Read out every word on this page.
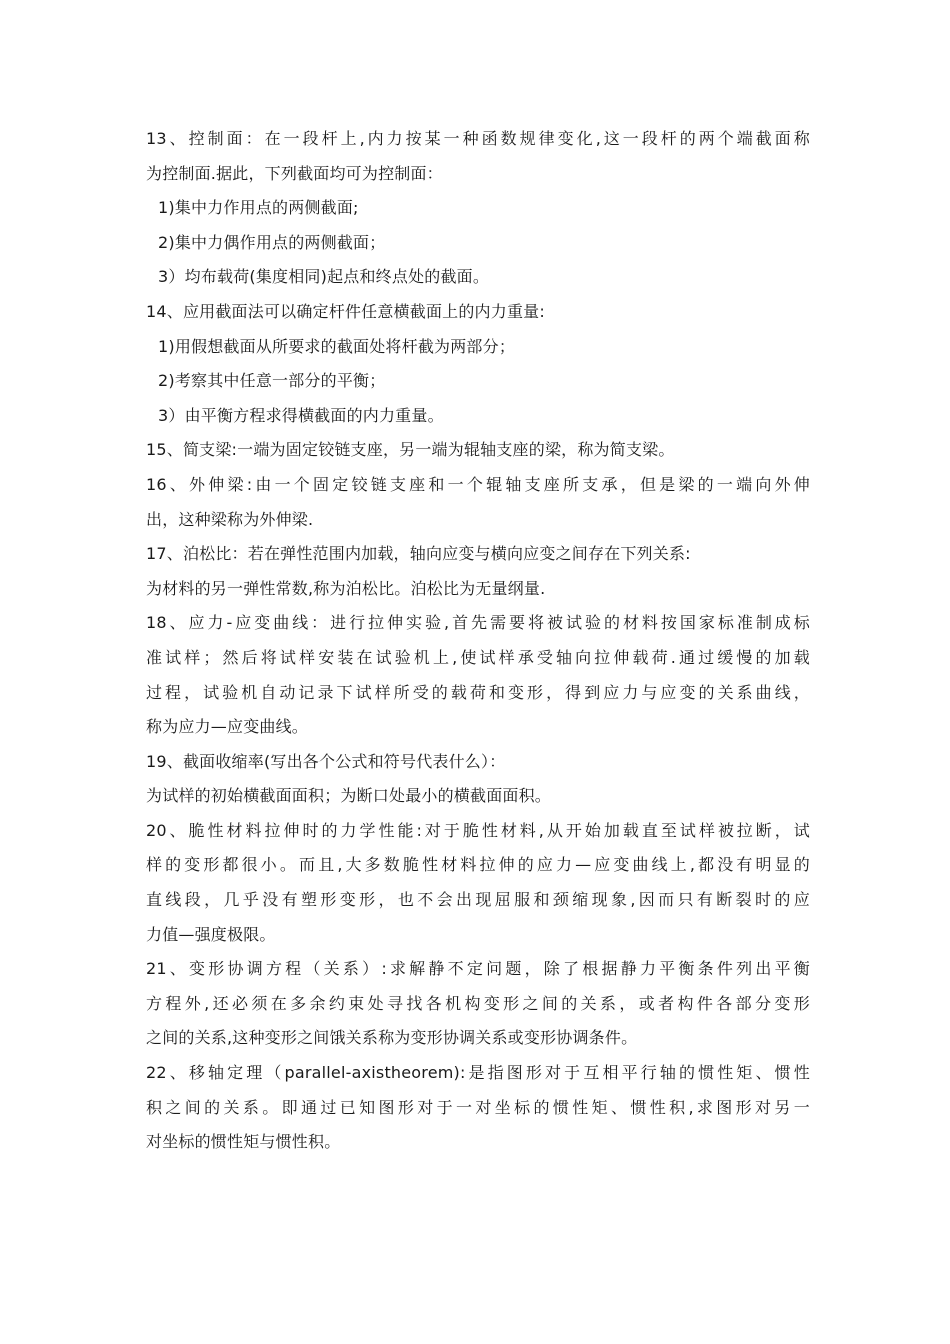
13、控制面：在一段杆上,内力按某一种函数规律变化,这一段杆的两个端截面称
为控制面.据此，下列截面均可为控制面：
1)集中力作用点的两侧截面;
2)集中力偶作用点的两侧截面；
3）均布载荷(集度相同)起点和终点处的截面。
14、应用截面法可以确定杆件任意横截面上的内力重量:
1)用假想截面从所要求的截面处将杆截为两部分；
2)考察其中任意一部分的平衡；
3）由平衡方程求得横截面的内力重量。
15、简支梁:一端为固定铰链支座，另一端为辊轴支座的梁，称为简支梁。
16、外伸梁:由一个固定铰链支座和一个辊轴支座所支承，但是梁的一端向外伸
出，这种梁称为外伸梁.
17、泊松比：若在弹性范围内加载，轴向应变与横向应变之间存在下列关系:
为材料的另一弹性常数,称为泊松比。泊松比为无量纲量.
18、应力-应变曲线：进行拉伸实验,首先需要将被试验的材料按国家标准制成标
准试样；然后将试样安装在试验机上,使试样承受轴向拉伸载荷.通过缓慢的加载
过程，试验机自动记录下试样所受的载荷和变形，得到应力与应变的关系曲线，
称为应力—应变曲线。
19、截面收缩率(写出各个公式和符号代表什么）：
为试样的初始横截面面积；为断口处最小的横截面面积。
20、脆性材料拉伸时的力学性能:对于脆性材料,从开始加载直至试样被拉断，试
样的变形都很小。而且,大多数脆性材料拉伸的应力—应变曲线上,都没有明显的
直线段，几乎没有塑形变形，也不会出现屈服和颈缩现象,因而只有断裂时的应
力值—强度极限。
21、变形协调方程（关系）:求解静不定问题，除了根据静力平衡条件列出平衡
方程外,还必须在多余约束处寻找各机构变形之间的关系，或者构件各部分变形
之间的关系,这种变形之间饿关系称为变形协调关系或变形协调条件。
22、移轴定理（parallel-axistheorem):是指图形对于互相平行轴的惯性矩、惯性
积之间的关系。即通过已知图形对于一对坐标的惯性矩、惯性积,求图形对另一
对坐标的惯性矩与惯性积。
